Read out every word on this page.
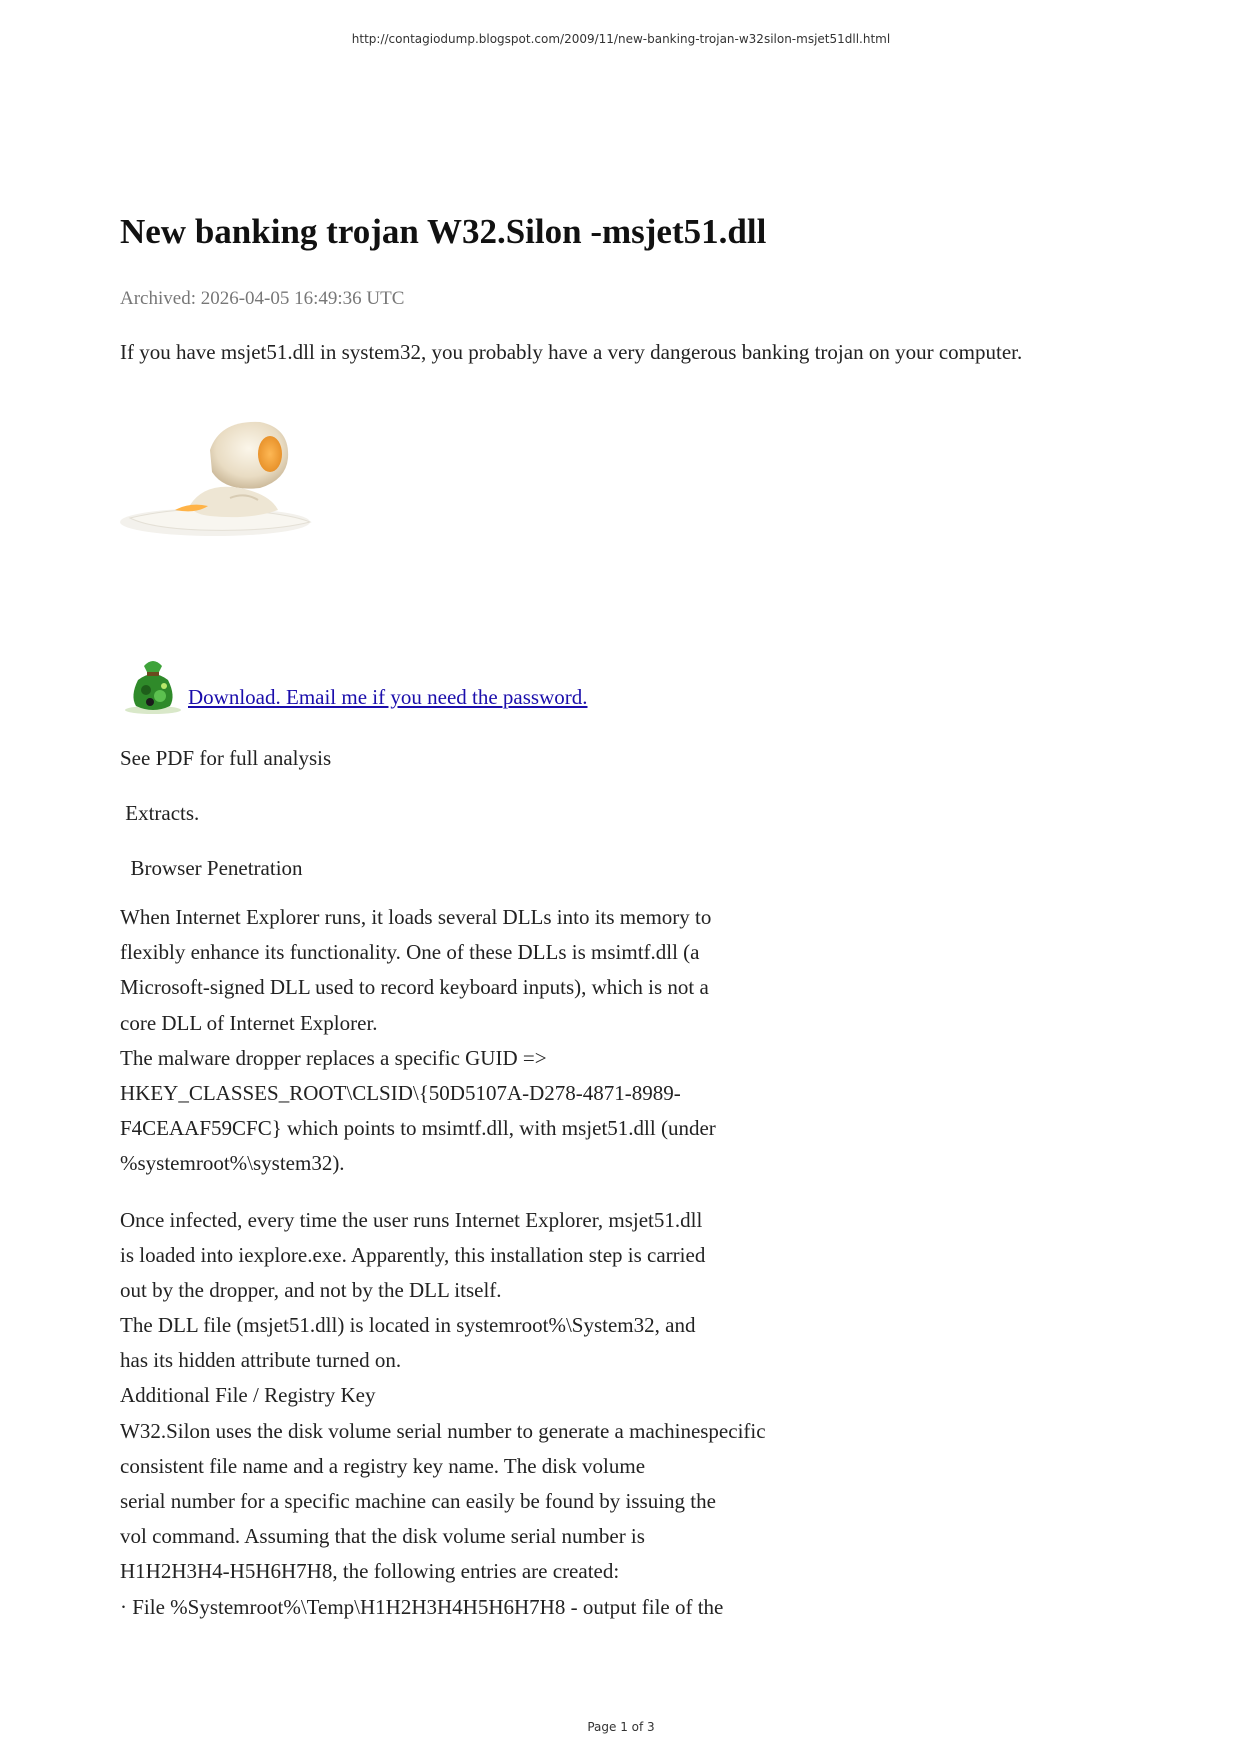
http://contagiodump.blogspot.com/2009/11/new-banking-trojan-w32silon-msjet51dll.html
New banking trojan W32.Silon -msjet51.dll
Archived: 2026-04-05 16:49:36 UTC
If you have msjet51.dll in system32, you probably have a very dangerous banking trojan on your computer.
Download. Email me if you need the password.
See PDF for full analysis
Extracts.
Browser Penetration
When Internet Explorer runs, it loads several DLLs into its memory to
flexibly enhance its functionality. One of these DLLs is msimtf.dll (a
Microsoft-signed DLL used to record keyboard inputs), which is not a
core DLL of Internet Explorer.
The malware dropper replaces a specific GUID =>
HKEY_CLASSES_ROOT\CLSID\{50D5107A-D278-4871-8989-
F4CEAAF59CFC} which points to msimtf.dll, with msjet51.dll (under
%systemroot%\system32).
Once infected, every time the user runs Internet Explorer, msjet51.dll
is loaded into iexplore.exe. Apparently, this installation step is carried
out by the dropper, and not by the DLL itself.
The DLL file (msjet51.dll) is located in systemroot%\System32, and
has its hidden attribute turned on.
Additional File / Registry Key
W32.Silon uses the disk volume serial number to generate a machinespecific
consistent file name and a registry key name. The disk volume
serial number for a specific machine can easily be found by issuing the
vol command. Assuming that the disk volume serial number is
H1H2H3H4-H5H6H7H8, the following entries are created:
· File %Systemroot%\Temp\H1H2H3H4H5H6H7H8 - output file of the
Page 1 of 3
